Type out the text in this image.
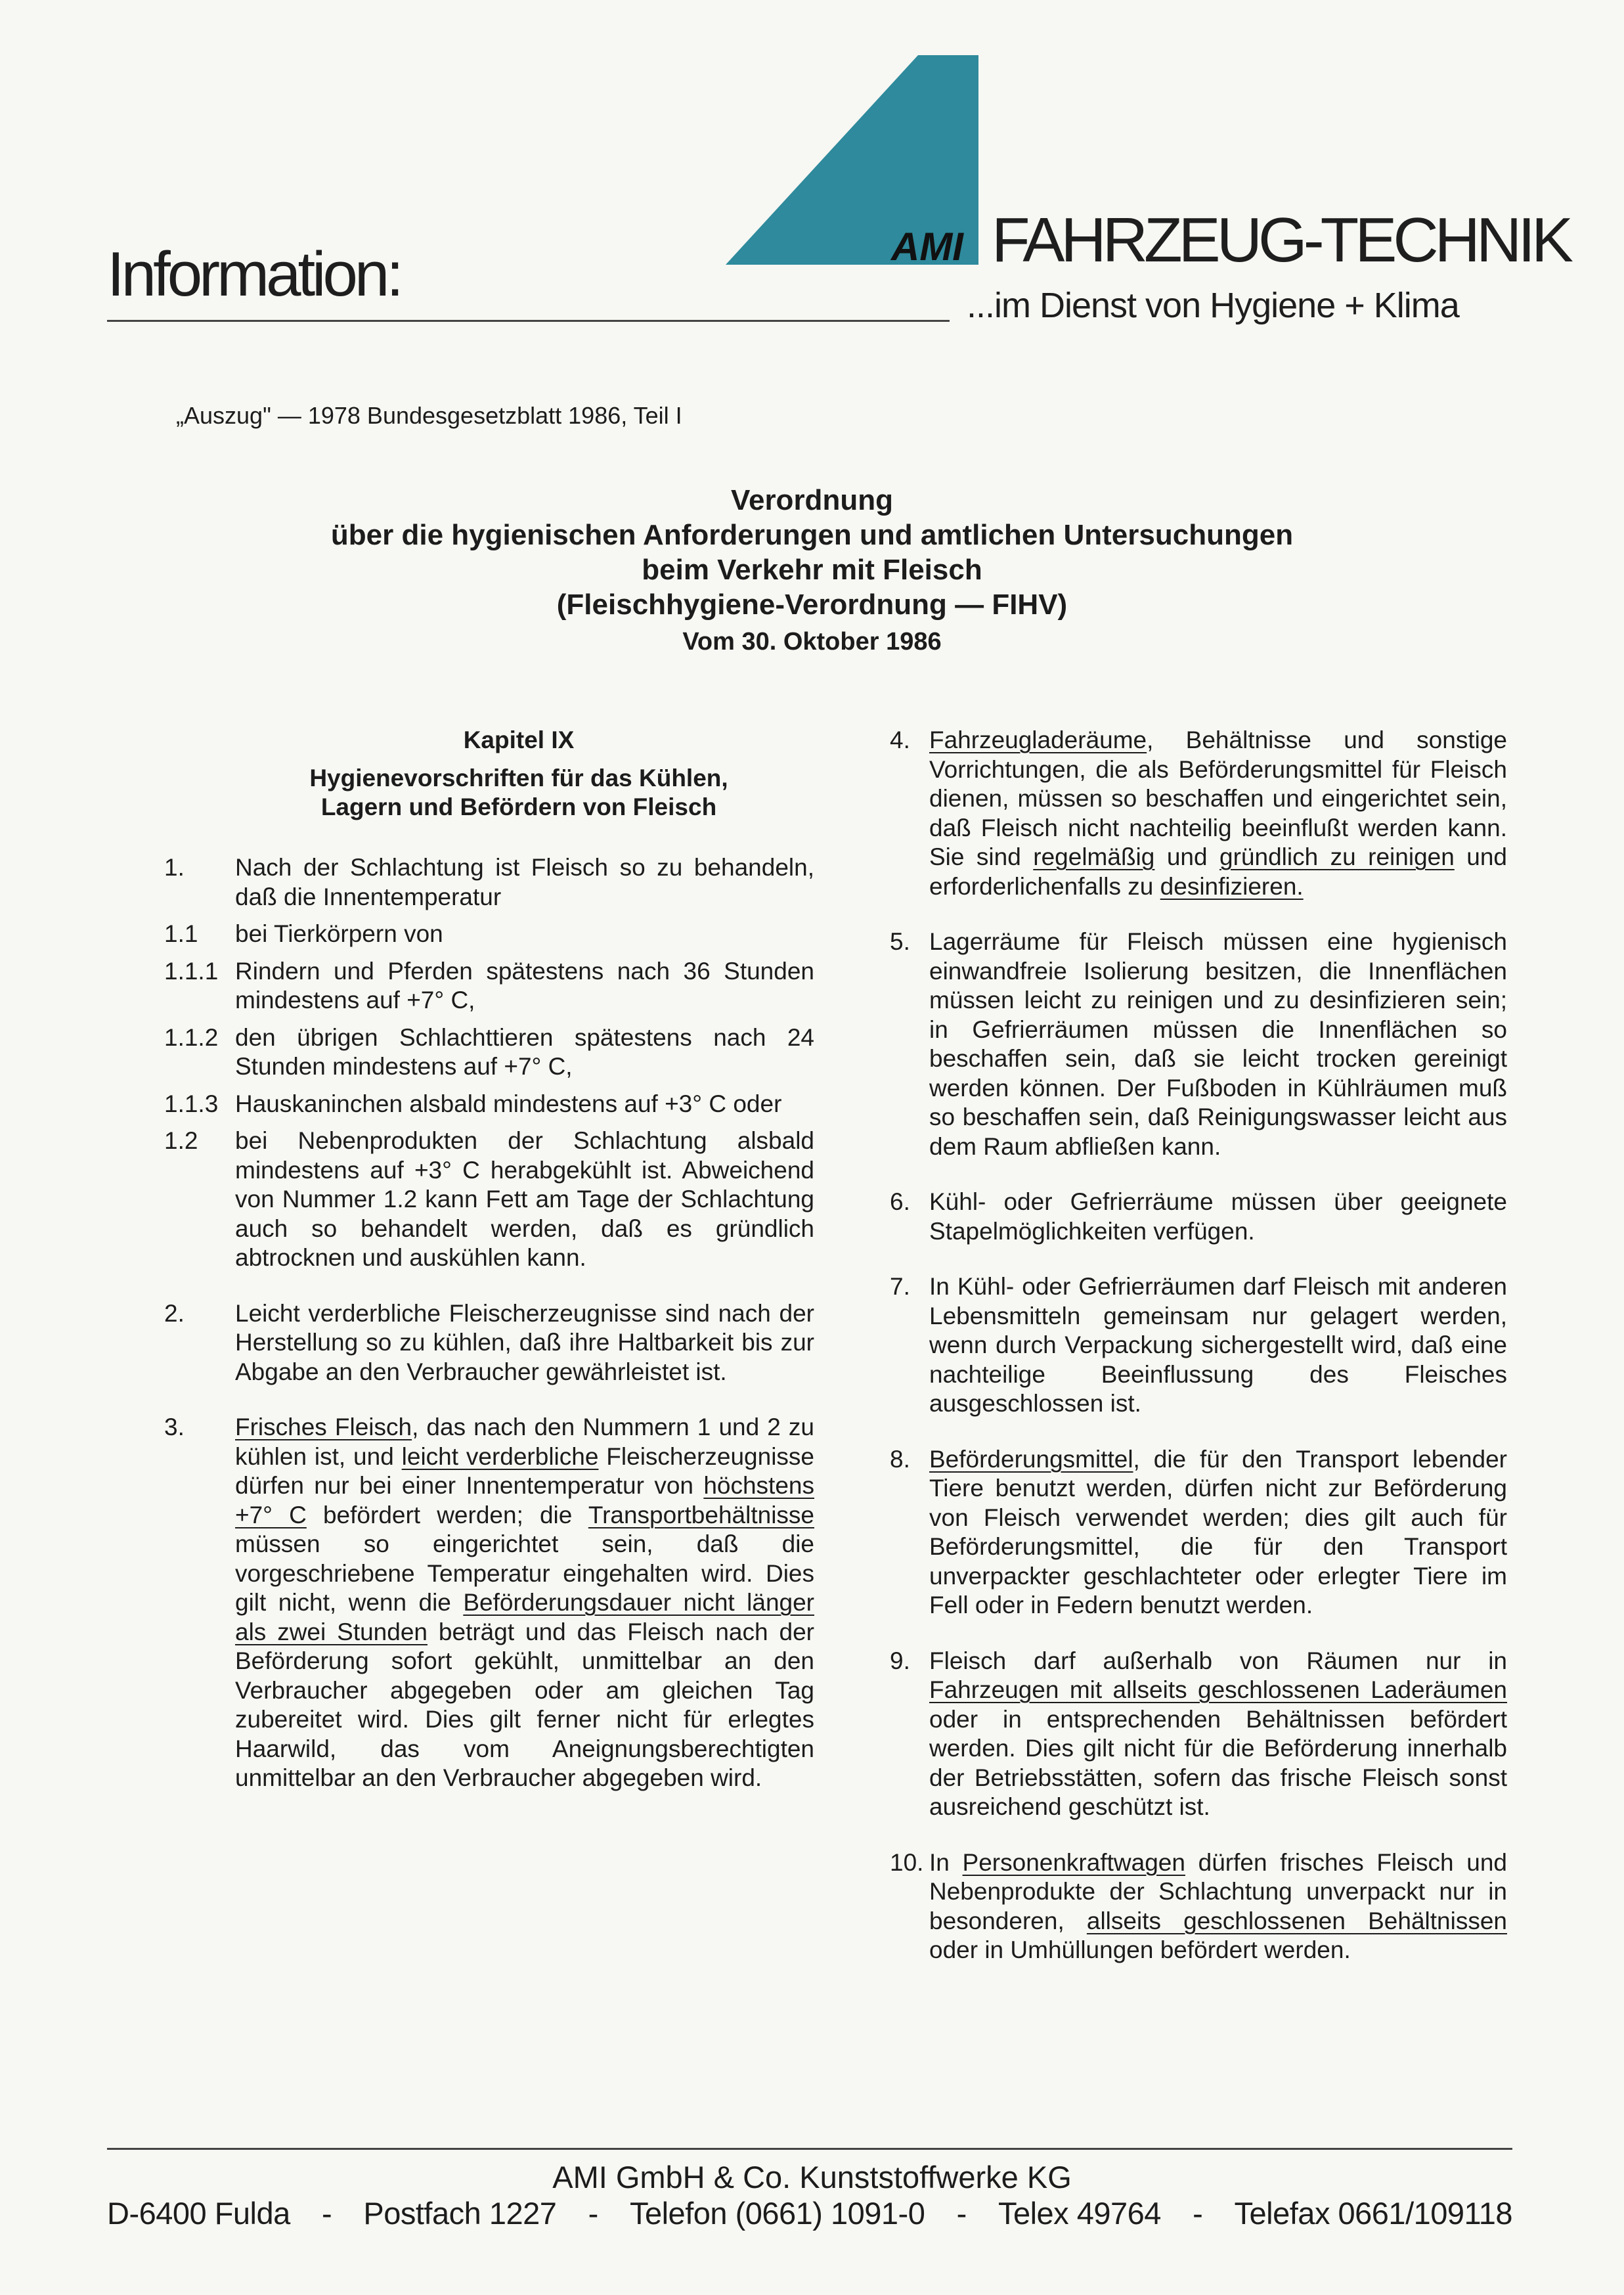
Information:	AMI FAHRZEUG-TECHNIK
...im Dienst von Hygiene + Klima
„Auszug" — 1978 Bundesgesetzblatt 1986, Teil I
Verordnung
über die hygienischen Anforderungen und amtlichen Untersuchungen
beim Verkehr mit Fleisch
(Fleischhygiene-Verordnung — FIHV)
Vom 30. Oktober 1986
Kapitel IX
Hygienevorschriften für das Kühlen,
Lagern und Befördern von Fleisch
1.	Nach der Schlachtung ist Fleisch so zu behandeln, daß die Innentemperatur
1.1	bei Tierkörpern von
1.1.1 Rindern und Pferden spätestens nach 36 Stunden mindestens auf +7° C,
1.1.2 den übrigen Schlachttieren spätestens nach 24 Stunden mindestens auf +7° C,
1.1.3 Hauskaninchen alsbald mindestens auf +3° C oder
1.2	bei Nebenprodukten der Schlachtung alsbald mindestens auf +3° C herabgekühlt ist. Abweichend von Nummer 1.2 kann Fett am Tage der Schlachtung auch so behandelt werden, daß es gründlich abtrocknen und auskühlen kann.
2.	Leicht verderbliche Fleischerzeugnisse sind nach der Herstellung so zu kühlen, daß ihre Haltbarkeit bis zur Abgabe an den Verbraucher gewährleistet ist.
3.	Frisches Fleisch, das nach den Nummern 1 und 2 zu kühlen ist, und leicht verderbliche Fleischerzeugnisse dürfen nur bei einer Innentemperatur von höchstens +7° C befördert werden; die Transportbehältnisse müssen so eingerichtet sein, daß die vorgeschriebene Temperatur eingehalten wird. Dies gilt nicht, wenn die Beförderungsdauer nicht länger als zwei Stunden beträgt und das Fleisch nach der Beförderung sofort gekühlt, unmittelbar an den Verbraucher abgegeben oder am gleichen Tag zubereitet wird. Dies gilt ferner nicht für erlegtes Haarwild, das vom Aneignungsberechtigten unmittelbar an den Verbraucher abgegeben wird.
4. Fahrzeugladeräume, Behältnisse und sonstige Vorrichtungen, die als Beförderungsmittel für Fleisch dienen, müssen so beschaffen und eingerichtet sein, daß Fleisch nicht nachteilig beeinflußt werden kann. Sie sind regelmäßig und gründlich zu reinigen und erforderlichenfalls zu desinfizieren.
5. Lagerräume für Fleisch müssen eine hygienisch einwandfreie Isolierung besitzen, die Innenflächen müssen leicht zu reinigen und zu desinfizieren sein; in Gefrierräumen müssen die Innenflächen so beschaffen sein, daß sie leicht trocken gereinigt werden können. Der Fußboden in Kühlräumen muß so beschaffen sein, daß Reinigungswasser leicht aus dem Raum abfließen kann.
6. Kühl- oder Gefrierräume müssen über geeignete Stapelmöglichkeiten verfügen.
7. In Kühl- oder Gefrierräumen darf Fleisch mit anderen Lebensmitteln gemeinsam nur gelagert werden, wenn durch Verpackung sichergestellt wird, daß eine nachteilige Beeinflussung des Fleisches ausgeschlossen ist.
8. Beförderungsmittel, die für den Transport lebender Tiere benutzt werden, dürfen nicht zur Beförderung von Fleisch verwendet werden; dies gilt auch für Beförderungsmittel, die für den Transport unverpackter geschlachteter oder erlegter Tiere im Fell oder in Federn benutzt werden.
9. Fleisch darf außerhalb von Räumen nur in Fahrzeugen mit allseits geschlossenen Laderäumen oder in entsprechenden Behältnissen befördert werden. Dies gilt nicht für die Beförderung innerhalb der Betriebsstätten, sofern das frische Fleisch sonst ausreichend geschützt ist.
10. In Personenkraftwagen dürfen frisches Fleisch und Nebenprodukte der Schlachtung unverpackt nur in besonderen, allseits geschlossenen Behältnissen oder in Umhüllungen befördert werden.
AMI GmbH & Co. Kunststoffwerke KG
D-6400 Fulda - Postfach 1227 - Telefon (0661) 1091-0 - Telex 49764 - Telefax 0661/109118
